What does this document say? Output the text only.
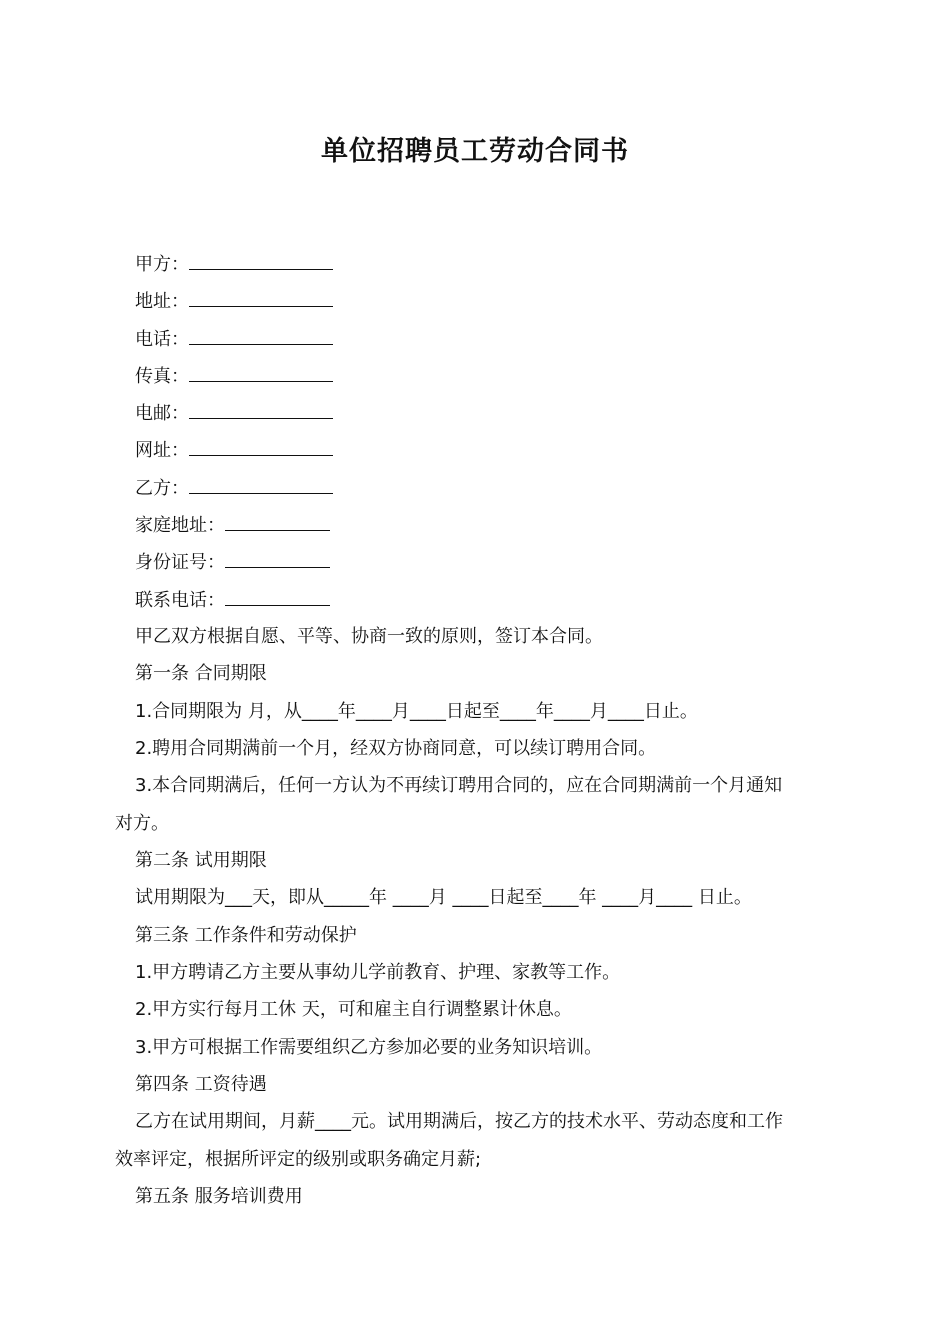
单位招聘员工劳动合同书
甲方：
地址：
电话：
传真：
电邮：
网址：
乙方：
家庭地址：
身份证号：
联系电话：
甲乙双方根据自愿、平等、协商一致的原则，签订本合同。
第一条 合同期限
1.合同期限为 月，从____年____月____日起至____年____月____日止。
2.聘用合同期满前一个月，经双方协商同意，可以续订聘用合同。
3.本合同期满后，任何一方认为不再续订聘用合同的，应在合同期满前一个月通知
对方。
第二条 试用期限
试用期限为___天，即从_____年 ____月 ____日起至____年 ____月____ 日止。
第三条 工作条件和劳动保护
1.甲方聘请乙方主要从事幼儿学前教育、护理、家教等工作。
2.甲方实行每月工休 天，可和雇主自行调整累计休息。
3.甲方可根据工作需要组织乙方参加必要的业务知识培训。
第四条 工资待遇
乙方在试用期间，月薪____元。试用期满后，按乙方的技术水平、劳动态度和工作
效率评定，根据所评定的级别或职务确定月薪;
第五条 服务培训费用
